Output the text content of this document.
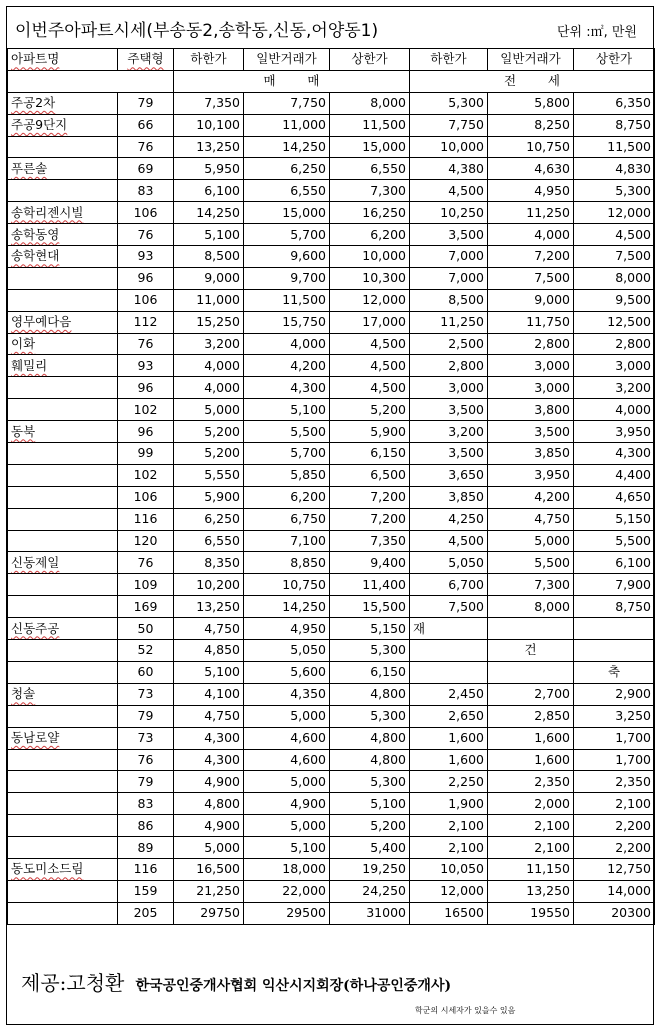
이번주아파트시세(부송동2,송학동,신동,어양동1)	단위 :㎡, 만원
아파트명	주택형	하한가	일반거래가	상한가	하한가	일반거래가	상한가
		매        매			전        세		
주공2차	79	7,350	7,750	8,000	5,300	5,800	6,350
주공9단지	66	10,100	11,000	11,500	7,750	8,250	8,750
	76	13,250	14,250	15,000	10,000	10,750	11,500
푸른솔	69	5,950	6,250	6,550	4,380	4,630	4,830
	83	6,100	6,550	7,300	4,500	4,950	5,300
송학리젠시빌	106	14,250	15,000	16,250	10,250	11,250	12,000
송학동영	76	5,100	5,700	6,200	3,500	4,000	4,500
송학현대	93	8,500	9,600	10,000	7,000	7,200	7,500
	96	9,000	9,700	10,300	7,000	7,500	8,000
	106	11,000	11,500	12,000	8,500	9,000	9,500
영무예다음	112	15,250	15,750	17,000	11,250	11,750	12,500
이화	76	3,200	4,000	4,500	2,500	2,800	2,800
훼밀리	93	4,000	4,200	4,500	2,800	3,000	3,000
	96	4,000	4,300	4,500	3,000	3,000	3,200
	102	5,000	5,100	5,200	3,500	3,800	4,000
동북	96	5,200	5,500	5,900	3,200	3,500	3,950
	99	5,200	5,700	6,150	3,500	3,850	4,300
	102	5,550	5,850	6,500	3,650	3,950	4,400
	106	5,900	6,200	7,200	3,850	4,200	4,650
	116	6,250	6,750	7,200	4,250	4,750	5,150
	120	6,550	7,100	7,350	4,500	5,000	5,500
신동제일	76	8,350	8,850	9,400	5,050	5,500	6,100
	109	10,200	10,750	11,400	6,700	7,300	7,900
	169	13,250	14,250	15,500	7,500	8,000	8,750
신동주공	50	4,750	4,950	5,150	재		
	52	4,850	5,050	5,300		건	
	60	5,100	5,600	6,150			축
청솔	73	4,100	4,350	4,800	2,450	2,700	2,900
	79	4,750	5,000	5,300	2,650	2,850	3,250
동남로얄	73	4,300	4,600	4,800	1,600	1,600	1,700
	76	4,300	4,600	4,800	1,600	1,600	1,700
	79	4,900	5,000	5,300	2,250	2,350	2,350
	83	4,800	4,900	5,100	1,900	2,000	2,100
	86	4,900	5,000	5,200	2,100	2,100	2,200
	89	5,000	5,100	5,400	2,100	2,100	2,200
동도미소드림	116	16,500	18,000	19,250	10,050	11,150	12,750
	159	21,250	22,000	24,250	12,000	13,250	14,000
	205	29750	29500	31000	16500	19550	20300
제공:고청환 한국공인중개사협회 익산시지회장(하나공인중개사)
학군의 시세자가 있을수 있음
